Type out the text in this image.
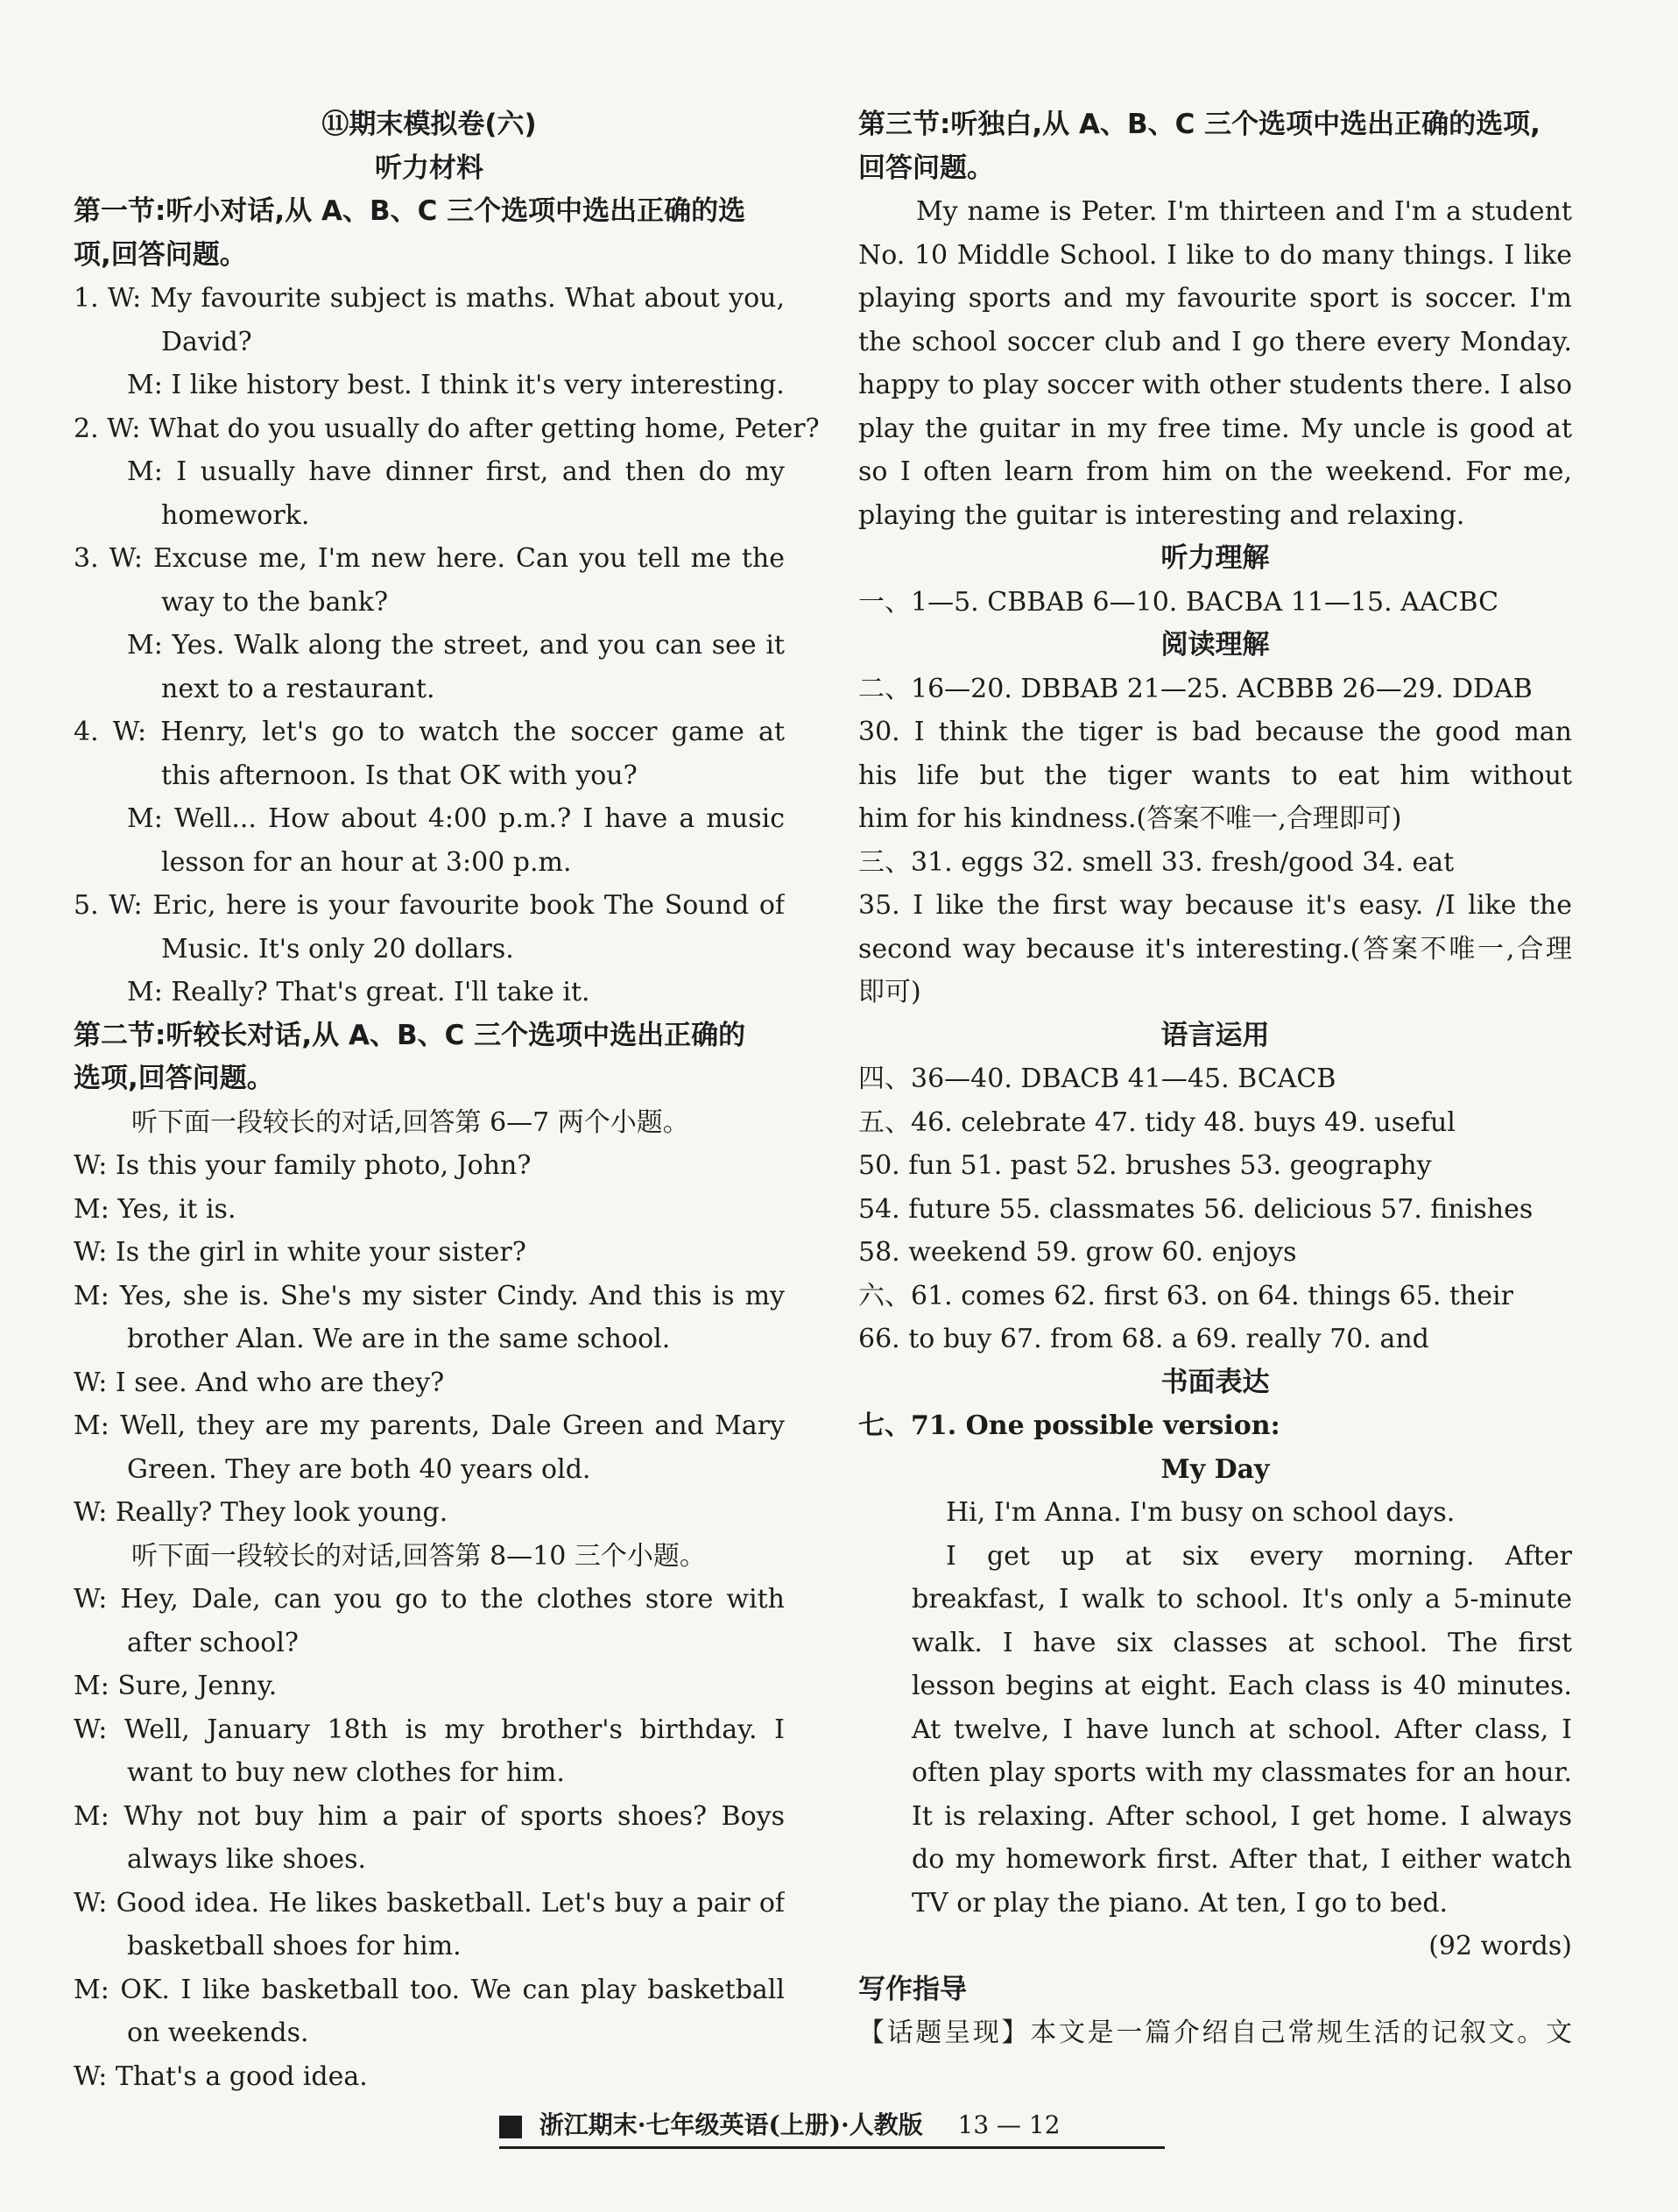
⑪期末模拟卷(六)
听力材料
第一节:听小对话,从 A、B、C 三个选项中选出正确的选
项,回答问题。
1. W: My favourite subject is maths. What about you,
David?
M: I like history best. I think it's very interesting.
2. W: What do you usually do after getting home, Peter?
M: I usually have dinner first, and then do my
homework.
3. W: Excuse me, I'm new here. Can you tell me the
way to the bank?
M: Yes. Walk along the street, and you can see it
next to a restaurant.
4. W: Henry, let's go to watch the soccer game at
this afternoon. Is that OK with you?
M: Well... How about 4:00 p.m.? I have a music
lesson for an hour at 3:00 p.m.
5. W: Eric, here is your favourite book The Sound of
Music. It's only 20 dollars.
M: Really? That's great. I'll take it.
第二节:听较长对话,从 A、B、C 三个选项中选出正确的
选项,回答问题。
听下面一段较长的对话,回答第 6—7 两个小题。
W: Is this your family photo, John?
M: Yes, it is.
W: Is the girl in white your sister?
M: Yes, she is. She's my sister Cindy. And this is my
brother Alan. We are in the same school.
W: I see. And who are they?
M: Well, they are my parents, Dale Green and Mary
Green. They are both 40 years old.
W: Really? They look young.
听下面一段较长的对话,回答第 8—10 三个小题。
W: Hey, Dale, can you go to the clothes store with
after school?
M: Sure, Jenny.
W: Well, January 18th is my brother's birthday. I
want to buy new clothes for him.
M: Why not buy him a pair of sports shoes? Boys
always like shoes.
W: Good idea. He likes basketball. Let's buy a pair of
basketball shoes for him.
M: OK. I like basketball too. We can play basketball
on weekends.
W: That's a good idea.
第三节:听独白,从 A、B、C 三个选项中选出正确的选项,
回答问题。
My name is Peter. I'm thirteen and I'm a student
No. 10 Middle School. I like to do many things. I like
playing sports and my favourite sport is soccer. I'm
the school soccer club and I go there every Monday.
happy to play soccer with other students there. I also
play the guitar in my free time. My uncle is good at
so I often learn from him on the weekend. For me,
playing the guitar is interesting and relaxing.
听力理解
一、1—5. CBBAB 6—10. BACBA 11—15. AACBC
阅读理解
二、16—20. DBBAB 21—25. ACBBB 26—29. DDAB
30. I think the tiger is bad because the good man
his life but the tiger wants to eat him without
him for his kindness.(答案不唯一,合理即可)
三、31. eggs 32. smell 33. fresh/good 34. eat
35. I like the first way because it's easy. /I like the
second way because it's interesting.(答案不唯一,合理
即可)
语言运用
四、36—40. DBACB 41—45. BCACB
五、46. celebrate 47. tidy 48. buys 49. useful
50. fun 51. past 52. brushes 53. geography
54. future 55. classmates 56. delicious 57. finishes
58. weekend 59. grow 60. enjoys
六、61. comes 62. first 63. on 64. things 65. their
66. to buy 67. from 68. a 69. really 70. and
书面表达
七、71. One possible version:
My Day
Hi, I'm Anna. I'm busy on school days.
I get up at six every morning. After
breakfast, I walk to school. It's only a 5-minute
walk. I have six classes at school. The first
lesson begins at eight. Each class is 40 minutes.
At twelve, I have lunch at school. After class, I
often play sports with my classmates for an hour.
It is relaxing. After school, I get home. I always
do my homework first. After that, I either watch
TV or play the piano. At ten, I go to bed.
(92 words)
写作指导
【话题呈现】本文是一篇介绍自己常规生活的记叙文。文
浙江期末·七年级英语(上册)·人教版 13 — 12
